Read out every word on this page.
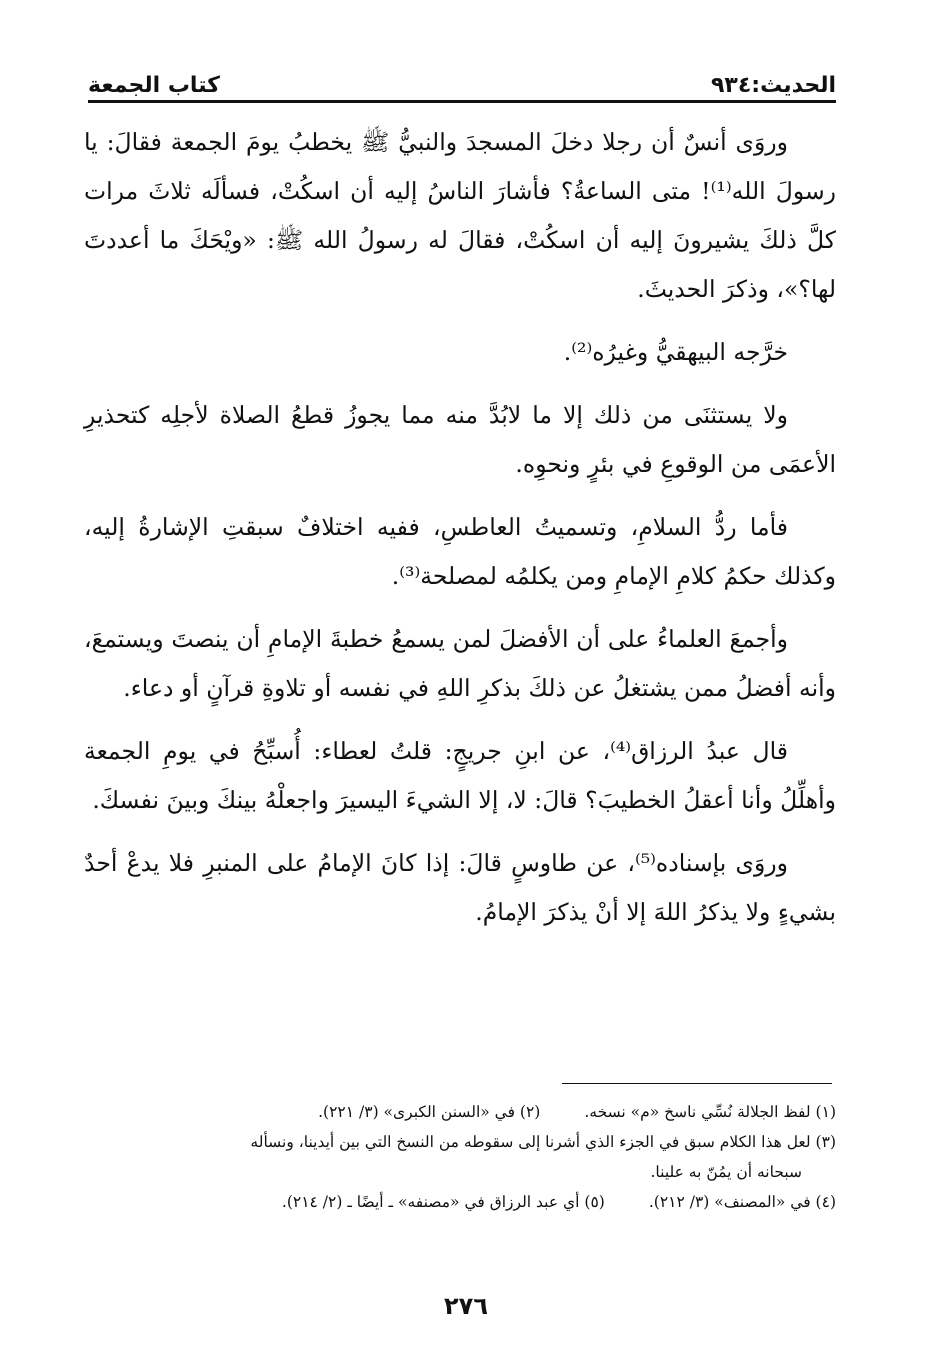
الحديث:٩٣٤
كتاب الجمعة

وروَى أنسٌ أن رجلا دخلَ المسجدَ والنبيُّ ﷺ يخطبُ يومَ الجمعة فقالَ: يا رسولَ الله⁽¹⁾! متى الساعةُ؟ فأشارَ الناسُ إليه أن اسكُتْ، فسألَه ثلاثَ مرات كلَّ ذلكَ يشيرونَ إليه أن اسكُتْ، فقالَ له رسولُ الله ﷺ: «ويْحَكَ ما أعددتَ لها؟»، وذكرَ الحديثَ.

خرَّجه البيهقيُّ وغيرُه⁽²⁾.

ولا يستثنَى من ذلك إلا ما لابُدَّ منه مما يجوزُ قطعُ الصلاة لأجلِه كتحذيرِ الأعمَى من الوقوعِ في بئرٍ ونحوِه.

فأما ردُّ السلامِ، وتسميتُ العاطسِ، ففيه اختلافٌ سبقتِ الإشارةُ إليه، وكذلك حكمُ كلامِ الإمامِ ومن يكلمُه لمصلحة⁽³⁾.

وأجمعَ العلماءُ على أن الأفضلَ لمن يسمعُ خطبةَ الإمامِ أن ينصتَ ويستمعَ، وأنه أفضلُ ممن يشتغلُ عن ذلكَ بذكرِ اللهِ في نفسه أو تلاوةِ قرآنٍ أو دعاء.

قال عبدُ الرزاق⁽⁴⁾، عن ابنِ جريجٍ: قلتُ لعطاء: أُسبِّحُ في يومِ الجمعة وأهلِّلُ وأنا أعقلُ الخطيبَ؟ قالَ: لا، إلا الشيءَ اليسيرَ واجعلْهُ بينكَ وبينَ نفسكَ.

وروَى بإسناده⁽⁵⁾، عن طاوسٍ قالَ: إذا كانَ الإمامُ على المنبرِ فلا يدعْ أحدٌ بشيءٍ ولا يذكرُ اللهَ إلا أنْ يذكرَ الإمامُ.

(١) لفظ الجلالة نُسِّي ناسخ «م» نسخه.(٢) في «السنن الكبرى» (٣/ ٢٢١).

(٣) لعل هذا الكلام سبق في الجزء الذي أشرنا إلى سقوطه من النسخ التي بين أيدينا، ونسأله

سبحانه أن يمُنّ به علينا.

(٤) في «المصنف» (٣/ ٢١٢).(٥) أي عبد الرزاق في «مصنفه» ـ أيضًا ـ (٢/ ٢١٤).

٢٧٦
